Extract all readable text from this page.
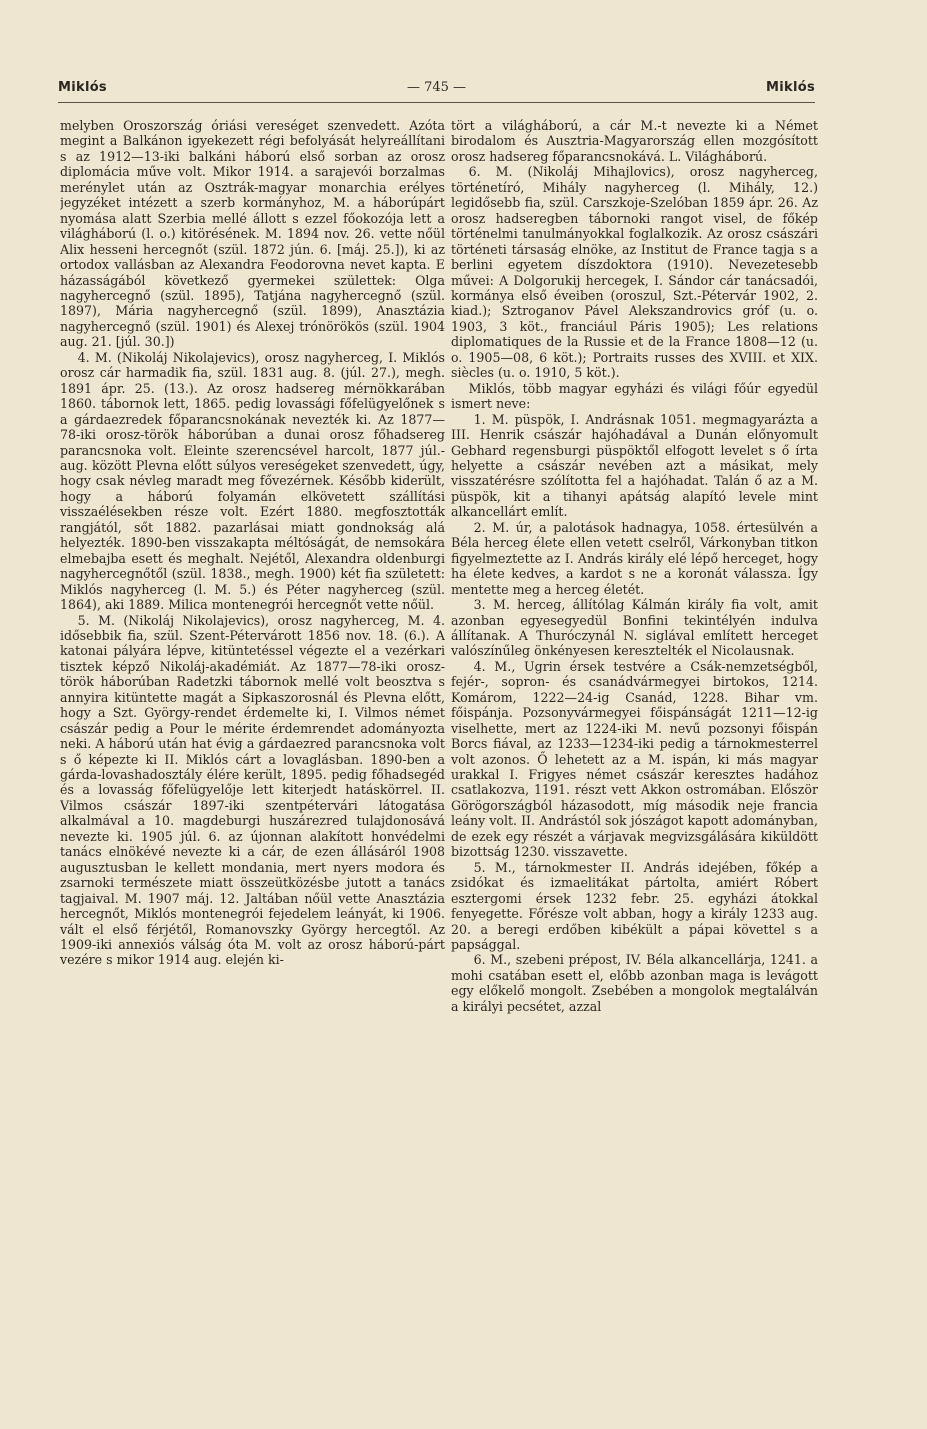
Miklós	— 745 —	Miklós

melyben Oroszország óriási vereséget szenvedett. Azóta megint a Balkánon igyekezett régi befolyását helyreállítani s az 1912—13-iki balkáni háború első sorban az orosz diplomácia műve volt. Mikor 1914. a sarajevói borzalmas merénylet után az Osztrák-magyar monarchia erélyes jegyzéket intézett a szerb kormányhoz, M. a háborúpárt nyomása alatt Szerbia mellé állott s ezzel főokozója lett a világháború (l. o.) kitörésének. M. 1894 nov. 26. vette nőül Alix hesseni hercegnőt (szül. 1872 jún. 6. [máj. 25.]), ki az ortodox vallásban az Alexandra Feodorovna nevet kapta. E házasságából következő gyermekei születtek: Olga nagyhercegnő (szül. 1895), Tatjána nagyhercegnő (szül. 1897), Mária nagyhercegnő (szül. 1899), Anasztázia nagyhercegnő (szül. 1901) és Alexej trónörökös (szül. 1904 aug. 21. [júl. 30.])

4. M. (Nikoláj Nikolajevics), orosz nagyherceg, I. Miklós orosz cár harmadik fia, szül. 1831 aug. 8. (júl. 27.), megh. 1891 ápr. 25. (13.). Az orosz hadsereg mérnökkarában 1860. tábornok lett, 1865. pedig lovassági főfelügyelőnek s a gárdaezredek főparancsnokának nevezték ki. Az 1877—78-iki orosz-török háborúban a dunai orosz főhadsereg parancsnoka volt. Eleinte szerencsével harcolt, 1877 júl.-aug. között Plevna előtt súlyos vereségeket szenvedett, úgy, hogy csak névleg maradt meg fővezérnek. Később kiderült, hogy a háború folyamán elkövetett szállítási visszaélésekben része volt. Ezért 1880. megfosztották rangjától, sőt 1882. pazarlásai miatt gondnokság alá helyezték. 1890-ben visszakapta méltóságát, de nemsokára elmebajba esett és meghalt. Nejétől, Alexandra oldenburgi nagyhercegnőtől (szül. 1838., megh. 1900) két fia született: Miklós nagyherceg (l. M. 5.) és Péter nagyherceg (szül. 1864), aki 1889. Milica montenegrói hercegnőt vette nőül.

5. M. (Nikoláj Nikolajevics), orosz nagyherceg, M. 4. idősebbik fia, szül. Szent-Pétervárott 1856 nov. 18. (6.). A katonai pályára lépve, kitüntetéssel végezte el a vezérkari tisztek képző Nikoláj-akadémiát. Az 1877—78-iki orosz-török háborúban Radetzki tábornok mellé volt beosztva s annyira kitüntette magát a Sipkaszorosnál és Plevna előtt, hogy a Szt. György-rendet érdemelte ki, I. Vilmos német császár pedig a Pour le mérite érdemrendet adományozta neki. A háború után hat évig a gárdaezred parancsnoka volt s ő képezte ki II. Miklós cárt a lovaglásban. 1890-ben a gárda-lovashadosztály élére került, 1895. pedig főhadsegéd és a lovasság főfelügyelője lett kiterjedt hatáskörrel. II. Vilmos császár 1897-iki szentpétervári látogatása alkalmával a 10. magdeburgi huszárezred tulajdonosává nevezte ki. 1905 júl. 6. az újonnan alakított honvédelmi tanács elnökévé nevezte ki a cár, de ezen állásáról 1908 augusztusban le kellett mondania, mert nyers modora és zsarnoki természete miatt összeütközésbe jutott a tanács tagjaival. M. 1907 máj. 12. Jaltában nőül vette Anasztázia hercegnőt, Miklós montenegrói fejedelem leányát, ki 1906. vált el első férjétől, Romanovszky György hercegtől. Az 1909-iki annexiós válság óta M. volt az orosz háború-párt vezére s mikor 1914 aug. elején ki-

tört a világháború, a cár M.-t nevezte ki a Német birodalom és Ausztria-Magyarország ellen mozgósított orosz hadsereg főparancsnokává. L. Világháború.

6. M. (Nikoláj Mihajlovics), orosz nagyherceg, történetíró, Mihály nagyherceg (l. Mihály, 12.) legidősebb fia, szül. Carszkoje-Szelóban 1859 ápr. 26. Az orosz hadseregben tábornoki rangot visel, de főkép történelmi tanulmányokkal foglalkozik. Az orosz császári történeti társaság elnöke, az Institut de France tagja s a berlini egyetem díszdoktora (1910). Nevezetesebb művei: A Dolgorukij hercegek, I. Sándor cár tanácsadói, kormánya első éveiben (oroszul, Szt.-Pétervár 1902, 2. kiad.); Sztroganov Pável Alekszandrovics gróf (u. o. 1903, 3 köt., franciául Páris 1905); Les relations diplomatiques de la Russie et de la France 1808—12 (u. o. 1905—08, 6 köt.); Portraits russes des XVIII. et XIX. siècles (u. o. 1910, 5 köt.).

Miklós, több magyar egyházi és világi főúr egyedül ismert neve:

1. M. püspök, I. Andrásnak 1051. megmagyarázta a III. Henrik császár hajóhadával a Dunán előnyomult Gebhard regensburgi püspöktől elfogott levelet s ő írta helyette a császár nevében azt a másikat, mely visszatérésre szólította fel a hajóhadat. Talán ő az a M. püspök, kit a tihanyi apátság alapító levele mint alkancellárt említ.

2. M. úr, a palotások hadnagya, 1058. értesülvén a Béla herceg élete ellen vetett cselről, Várkonyban titkon figyelmeztette az I. András király elé lépő herceget, hogy ha élete kedves, a kardot s ne a koronát válassza. Így mentette meg a herceg életét.

3. M. herceg, állítólag Kálmán király fia volt, amit azonban egyesegyedül Bonfini tekintélyén indulva állítanak. A Thuróczynál N. siglával említett herceget valószínűleg önkényesen keresztelték el Nicolausnak.

4. M., Ugrin érsek testvére a Csák-nemzetségből, fejér-, sopron- és csanádvármegyei birtokos, 1214. Komárom, 1222—24-ig Csanád, 1228. Bihar vm. főispánja. Pozsonyvármegyei főispánságát 1211—12-ig viselhette, mert az 1224-iki M. nevű pozsonyi főispán Borcs fiával, az 1233—1234-iki pedig a tárnokmesterrel volt azonos. Ő lehetett az a M. ispán, ki más magyar urakkal I. Frigyes német császár keresztes hadához csatlakozva, 1191. részt vett Akkon ostromában. Először Görögországból házasodott, míg második neje francia leány volt. II. Andrástól sok jószágot kapott adományban, de ezek egy részét a várjavak megvizsgálására kiküldött bizottság 1230. visszavette.

5. M., tárnokmester II. András idejében, főkép a zsidókat és izmaelitákat pártolta, amiért Róbert esztergomi érsek 1232 febr. 25. egyházi átokkal fenyegette. Főrésze volt abban, hogy a király 1233 aug. 20. a beregi erdőben kibékült a pápai követtel s a papsággal.

6. M., szebeni prépost, IV. Béla alkancellárja, 1241. a mohi csatában esett el, előbb azonban maga is levágott egy előkelő mongolt. Zsebében a mongolok megtalálván a királyi pecsétet, azzal
